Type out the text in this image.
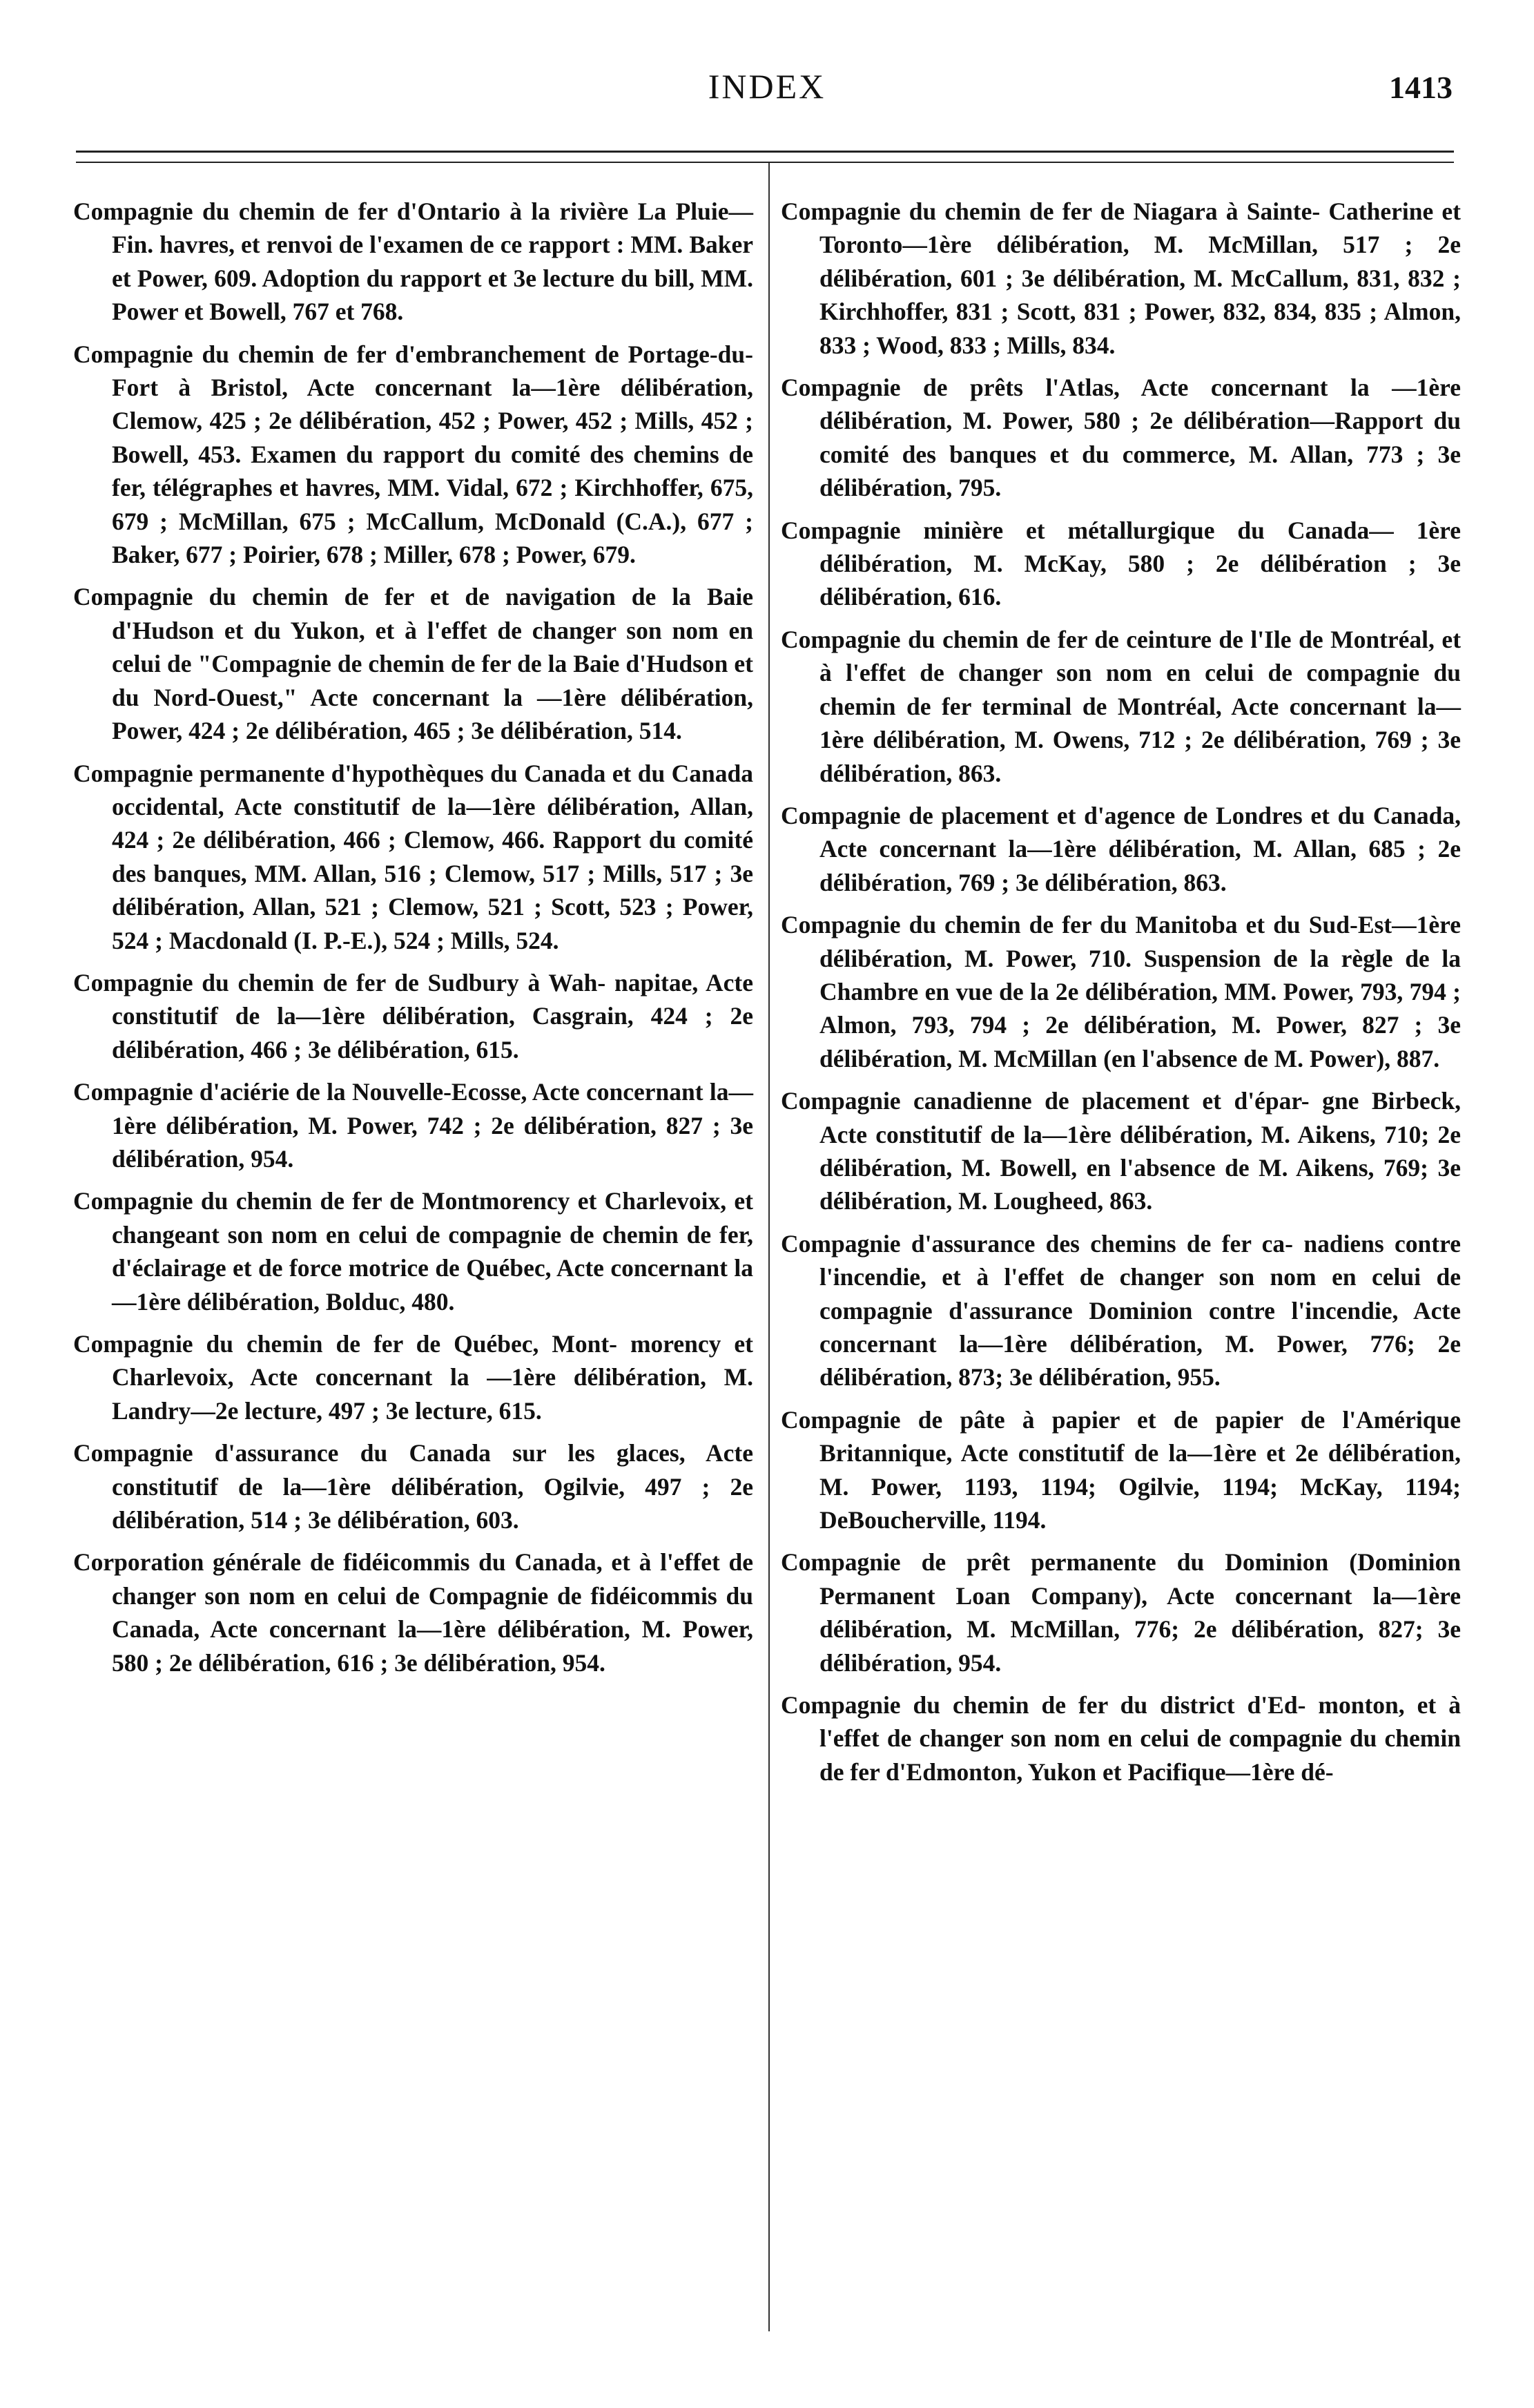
INDEX	1413

Compagnie du chemin de fer d'Ontario à la rivière La Pluie—Fin. havres, et renvoi de l'examen de ce rapport : MM. Baker et Power, 609. Adoption du rapport et 3e lecture du bill, MM. Power et Bowell, 767 et 768.

Compagnie du chemin de fer d'embranchement de Portage-du-Fort à Bristol, Acte concernant la—1ère délibération, Clemow, 425 ; 2e délibération, 452 ; Power, 452 ; Mills, 452 ; Bowell, 453. Examen du rapport du comité des chemins de fer, télégraphes et havres, MM. Vidal, 672 ; Kirchhoffer, 675, 679 ; McMillan, 675 ; McCallum, McDonald (C.A.), 677 ; Baker, 677 ; Poirier, 678 ; Miller, 678 ; Power, 679.

Compagnie du chemin de fer et de navigation de la Baie d'Hudson et du Yukon, et à l'effet de changer son nom en celui de "Compagnie de chemin de fer de la Baie d'Hudson et du Nord-Ouest," Acte concernant la —1ère délibération, Power, 424 ; 2e délibération, 465 ; 3e délibération, 514.

Compagnie permanente d'hypothèques du Canada et du Canada occidental, Acte constitutif de la—1ère délibération, Allan, 424 ; 2e délibération, 466 ; Clemow, 466. Rapport du comité des banques, MM. Allan, 516 ; Clemow, 517 ; Mills, 517 ; 3e délibération, Allan, 521 ; Clemow, 521 ; Scott, 523 ; Power, 524 ; Macdonald (I. P.-E.), 524 ; Mills, 524.

Compagnie du chemin de fer de Sudbury à Wah- napitae, Acte constitutif de la—1ère délibération, Casgrain, 424 ; 2e délibération, 466 ; 3e délibération, 615.

Compagnie d'aciérie de la Nouvelle-Ecosse, Acte concernant la—1ère délibération, M. Power, 742 ; 2e délibération, 827 ; 3e délibération, 954.

Compagnie du chemin de fer de Montmorency et Charlevoix, et changeant son nom en celui de compagnie de chemin de fer, d'éclairage et de force motrice de Québec, Acte concernant la—1ère délibération, Bolduc, 480.

Compagnie du chemin de fer de Québec, Mont- morency et Charlevoix, Acte concernant la —1ère délibération, M. Landry—2e lecture, 497 ; 3e lecture, 615.

Compagnie d'assurance du Canada sur les glaces, Acte constitutif de la—1ère délibération, Ogilvie, 497 ; 2e délibération, 514 ; 3e délibération, 603.

Corporation générale de fidéicommis du Canada, et à l'effet de changer son nom en celui de Compagnie de fidéicommis du Canada, Acte concernant la—1ère délibération, M. Power, 580 ; 2e délibération, 616 ; 3e délibération, 954.

Compagnie du chemin de fer de Niagara à Sainte- Catherine et Toronto—1ère délibération, M. McMillan, 517 ; 2e délibération, 601 ; 3e délibération, M. McCallum, 831, 832 ; Kirchhoffer, 831 ; Scott, 831 ; Power, 832, 834, 835 ; Almon, 833 ; Wood, 833 ; Mills, 834.

Compagnie de prêts l'Atlas, Acte concernant la —1ère délibération, M. Power, 580 ; 2e délibération—Rapport du comité des banques et du commerce, M. Allan, 773 ; 3e délibération, 795.

Compagnie minière et métallurgique du Canada— 1ère délibération, M. McKay, 580 ; 2e délibération ; 3e délibération, 616.

Compagnie du chemin de fer de ceinture de l'Ile de Montréal, et à l'effet de changer son nom en celui de compagnie du chemin de fer terminal de Montréal, Acte concernant la—1ère délibération, M. Owens, 712 ; 2e délibération, 769 ; 3e délibération, 863.

Compagnie de placement et d'agence de Londres et du Canada, Acte concernant la—1ère délibération, M. Allan, 685 ; 2e délibération, 769 ; 3e délibération, 863.

Compagnie du chemin de fer du Manitoba et du Sud-Est—1ère délibération, M. Power, 710. Suspension de la règle de la Chambre en vue de la 2e délibération, MM. Power, 793, 794 ; Almon, 793, 794 ; 2e délibération, M. Power, 827 ; 3e délibération, M. McMillan (en l'absence de M. Power), 887.

Compagnie canadienne de placement et d'épar- gne Birbeck, Acte constitutif de la—1ère délibération, M. Aikens, 710; 2e délibération, M. Bowell, en l'absence de M. Aikens, 769; 3e délibération, M. Lougheed, 863.

Compagnie d'assurance des chemins de fer ca- nadiens contre l'incendie, et à l'effet de changer son nom en celui de compagnie d'assurance Dominion contre l'incendie, Acte concernant la—1ère délibération, M. Power, 776; 2e délibération, 873; 3e délibération, 955.

Compagnie de pâte à papier et de papier de l'Amérique Britannique, Acte constitutif de la—1ère et 2e délibération, M. Power, 1193, 1194; Ogilvie, 1194; McKay, 1194; DeBoucherville, 1194.

Compagnie de prêt permanente du Dominion (Dominion Permanent Loan Company), Acte concernant la—1ère délibération, M. McMillan, 776; 2e délibération, 827; 3e délibération, 954.

Compagnie du chemin de fer du district d'Ed- monton, et à l'effet de changer son nom en celui de compagnie du chemin de fer d'Edmonton, Yukon et Pacifique—1ère dé-
